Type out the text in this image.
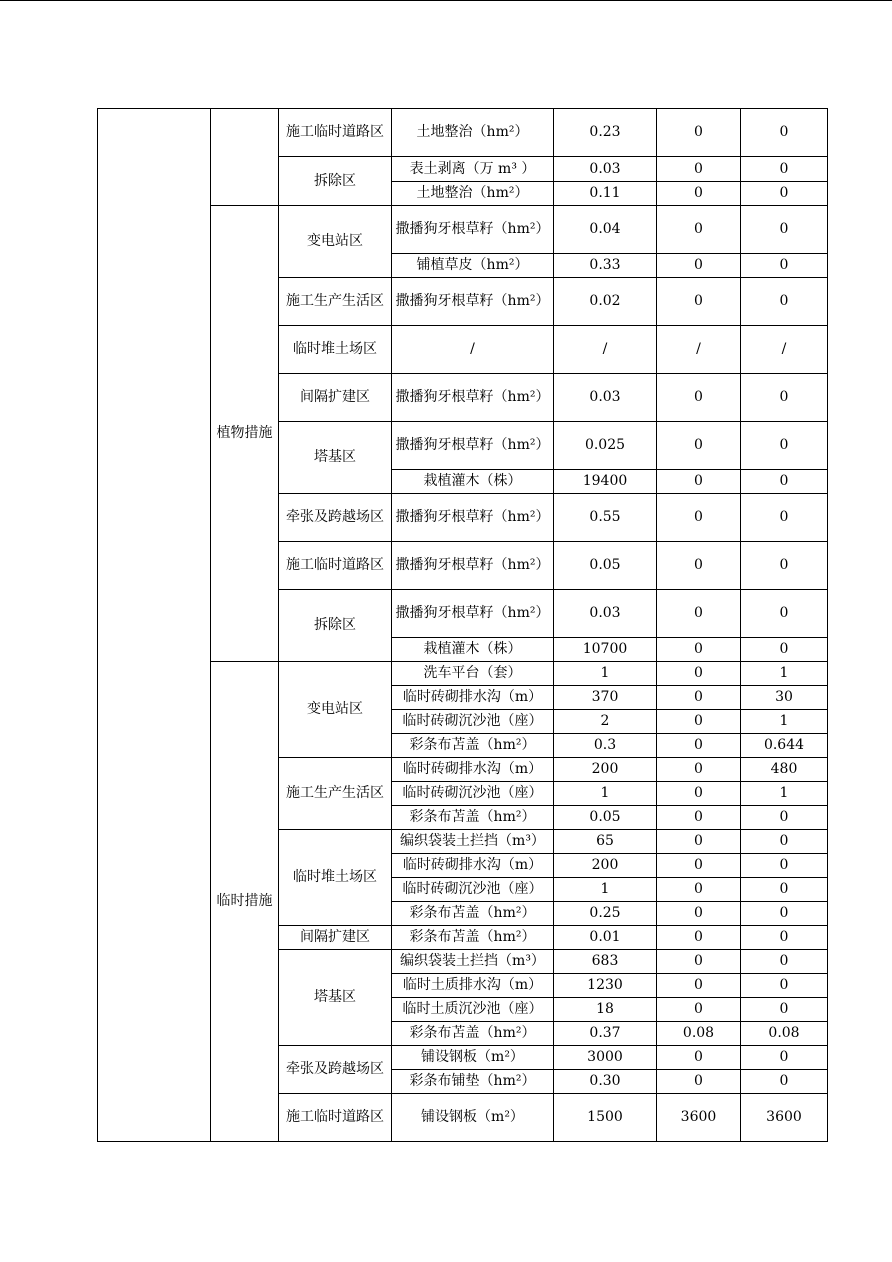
		施工临时道路区	土地整治（hm²）	0.23	0	0
		拆除区	表土剥离（万 m³ ）	0.03	0	0
			土地整治（hm²）	0.11	0	0
	植物措施	变电站区	撒播狗牙根草籽（hm²）	0.04	0	0
			铺植草皮（hm²）	0.33	0	0
		施工生产生活区	撒播狗牙根草籽（hm²）	0.02	0	0
		临时堆土场区	/	/	/	/
		间隔扩建区	撒播狗牙根草籽（hm²）	0.03	0	0
		塔基区	撒播狗牙根草籽（hm²）	0.025	0	0
			栽植灌木（株）	19400	0	0
		牵张及跨越场区	撒播狗牙根草籽（hm²）	0.55	0	0
		施工临时道路区	撒播狗牙根草籽（hm²）	0.05	0	0
		拆除区	撒播狗牙根草籽（hm²）	0.03	0	0
			栽植灌木（株）	10700	0	0
	临时措施	变电站区	洗车平台（套）	1	0	1
			临时砖砌排水沟（m）	370	0	30
			临时砖砌沉沙池（座）	2	0	1
			彩条布苫盖（hm²）	0.3	0	0.644
		施工生产生活区	临时砖砌排水沟（m）	200	0	480
			临时砖砌沉沙池（座）	1	0	1
			彩条布苫盖（hm²）	0.05	0	0
		临时堆土场区	编织袋装土拦挡（m³）	65	0	0
			临时砖砌排水沟（m）	200	0	0
			临时砖砌沉沙池（座）	1	0	0
			彩条布苫盖（hm²）	0.25	0	0
		间隔扩建区	彩条布苫盖（hm²）	0.01	0	0
		塔基区	编织袋装土拦挡（m³）	683	0	0
			临时土质排水沟（m）	1230	0	0
			临时土质沉沙池（座）	18	0	0
			彩条布苫盖（hm²）	0.37	0.08	0.08
		牵张及跨越场区	铺设钢板（m²）	3000	0	0
			彩条布铺垫（hm²）	0.30	0	0
		施工临时道路区	铺设钢板（m²）	1500	3600	3600
